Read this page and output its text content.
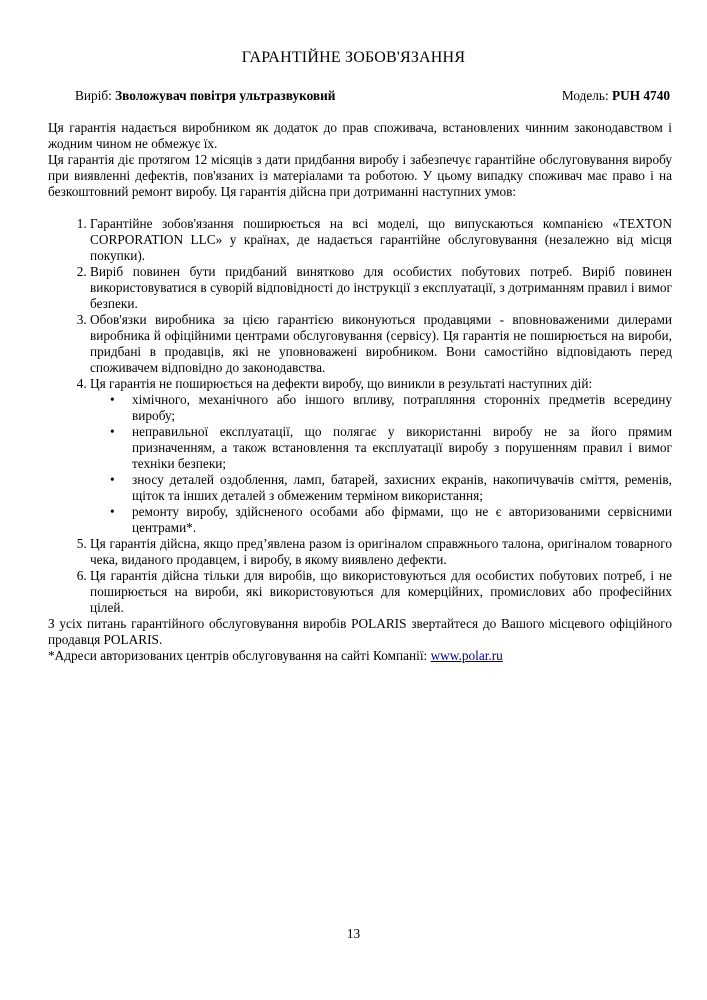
ГАРАНТІЙНЕ ЗОБОВ'ЯЗАННЯ
Виріб: Зволожувач повітря ультразвуковий	Модель: PUH 4740

Ця гарантія надається виробником як додаток до прав споживача, встановлених чинним законодавством і жодним чином не обмежує їх.

Ця гарантія діє протягом 12 місяців з дати придбання виробу і забезпечує гарантійне обслуговування виробу при виявленні дефектів, пов'язаних із матеріалами та роботою. У цьому випадку споживач має право і на безкоштовний ремонт виробу. Ця гарантія дійсна при дотриманні наступних умов:

1. Гарантійне зобов'язання поширюється на всі моделі, що випускаються компанією «TEXTON CORPORATION LLC» у країнах, де надається гарантійне обслуговування (незалежно від місця покупки).
2. Виріб повинен бути придбаний винятково для особистих побутових потреб. Виріб повинен використовуватися в суворій відповідності до інструкції з експлуатації, з дотриманням правил і вимог безпеки.
3. Обов'язки виробника за цією гарантією виконуються продавцями - вповноваженими дилерами виробника й офіційними центрами обслуговування (сервісу). Ця гарантія не поширюється на вироби, придбані в продавців, які не уповноважені виробником. Вони самостійно відповідають перед споживачем відповідно до законодавства.
4. Ця гарантія не поширюється на дефекти виробу, що виникли в результаті наступних дій:
• хімічного, механічного або іншого впливу, потрапляння сторонніх предметів всередину виробу;
• неправильної експлуатації, що полягає у використанні виробу не за його прямим призначенням, а також встановлення та експлуатації виробу з порушенням правил і вимог техніки безпеки;
• зносу деталей оздоблення, ламп, батарей, захисних екранів, накопичувачів сміття, ременів, щіток та інших деталей з обмеженим терміном використання;
• ремонту виробу, здійсненого особами або фірмами, що не є авторизованими сервісними центрами*.
5. Ця гарантія дійсна, якщо пред’явлена разом із оригіналом справжнього талона, оригіналом товарного чека, виданого продавцем, і виробу, в якому виявлено дефекти.
6. Ця гарантія дійсна тільки для виробів, що використовуються для особистих побутових потреб, і не поширюється на вироби, які використовуються для комерційних, промислових або професійних цілей.

З усіх питань гарантійного обслуговування виробів POLARIS звертайтеся до Вашого місцевого офіційного продавця POLARIS.

*Адреси авторизованих центрів обслуговування на сайті Компанії: www.polar.ru

13
